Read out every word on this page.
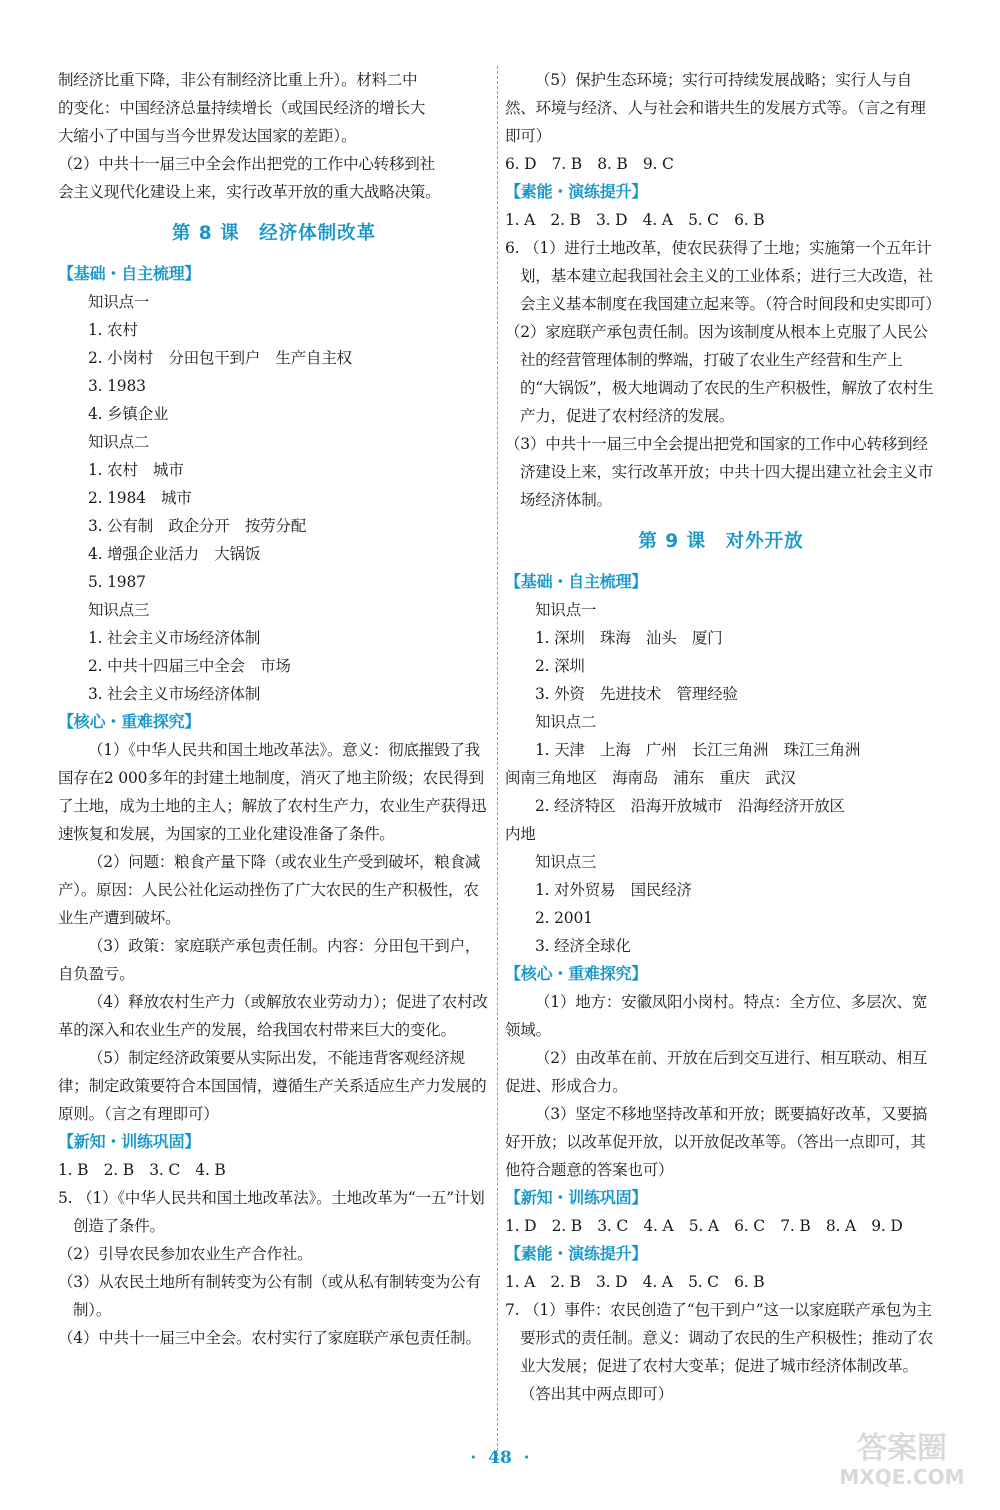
制经济比重下降，非公有制经济比重上升）。材料二中

的变化：中国经济总量持续增长（或国民经济的增长大

大缩小了中国与当今世界发达国家的差距）。

（2）中共十一届三中全会作出把党的工作中心转移到社

会主义现代化建设上来，实行改革开放的重大战略决策。

第 8 课　经济体制改革

【基础・自主梳理】

知识点一

1. 农村

2. 小岗村　分田包干到户　生产自主权

3. 1983

4. 乡镇企业

知识点二

1. 农村　城市

2. 1984　城市

3. 公有制　政企分开　按劳分配

4. 增强企业活力　大锅饭

5. 1987

知识点三

1. 社会主义市场经济体制

2. 中共十四届三中全会　市场

3. 社会主义市场经济体制

【核心・重难探究】

（1）《中华人民共和国土地改革法》。意义：彻底摧毁了我国存在2 000多年的封建土地制度，消灭了地主阶级；农民得到了土地，成为土地的主人；解放了农村生产力，农业生产获得迅速恢复和发展，为国家的工业化建设准备了条件。

（2）问题：粮食产量下降（或农业生产受到破坏，粮食减产）。原因：人民公社化运动挫伤了广大农民的生产积极性，农业生产遭到破坏。

（3）政策：家庭联产承包责任制。内容：分田包干到户，自负盈亏。

（4）释放农村生产力（或解放农业劳动力）；促进了农村改革的深入和农业生产的发展，给我国农村带来巨大的变化。

（5）制定经济政策要从实际出发，不能违背客观经济规律；制定政策要符合本国国情，遵循生产关系适应生产力发展的原则。（言之有理即可）

【新知・训练巩固】

1. B　2. B　3. C　4. B

5. （1）《中华人民共和国土地改革法》。土地改革为“一五”计划创造了条件。

（2）引导农民参加农业生产合作社。

（3）从农民土地所有制转变为公有制（或从私有制转变为公有制）。

（4）中共十一届三中全会。农村实行了家庭联产承包责任制。

（5）保护生态环境；实行可持续发展战略；实行人与自然、环境与经济、人与社会和谐共生的发展方式等。（言之有理即可）

6. D　7. B　8. B　9. C

【素能・演练提升】

1. A　2. B　3. D　4. A　5. C　6. B

6. （1）进行土地改革，使农民获得了土地；实施第一个五年计划，基本建立起我国社会主义的工业体系；进行三大改造，社会主义基本制度在我国建立起来等。（符合时间段和史实即可）

（2）家庭联产承包责任制。因为该制度从根本上克服了人民公社的经营管理体制的弊端，打破了农业生产经营和生产上的“大锅饭”，极大地调动了农民的生产积极性，解放了农村生产力，促进了农村经济的发展。

（3）中共十一届三中全会提出把党和国家的工作中心转移到经济建设上来，实行改革开放；中共十四大提出建立社会主义市场经济体制。

第 9 课　对外开放

【基础・自主梳理】

知识点一

1. 深圳　珠海　汕头　厦门

2. 深圳

3. 外资　先进技术　管理经验

知识点二

1. 天津　上海　广州　长江三角洲　珠江三角洲

闽南三角地区　海南岛　浦东　重庆　武汉

2. 经济特区　沿海开放城市　沿海经济开放区

内地

知识点三

1. 对外贸易　国民经济

2. 2001

3. 经济全球化

【核心・重难探究】

（1）地方：安徽凤阳小岗村。特点：全方位、多层次、宽领域。

（2）由改革在前、开放在后到交互进行、相互联动、相互促进、形成合力。

（3）坚定不移地坚持改革和开放；既要搞好改革，又要搞好开放；以改革促开放，以开放促改革等。（答出一点即可，其他符合题意的答案也可）

【新知・训练巩固】

1. D　2. B　3. C　4. A　5. A　6. C　7. B　8. A　9. D

【素能・演练提升】

1. A　2. B　3. D　4. A　5. C　6. B

7. （1）事件：农民创造了“包干到户”这一以家庭联产承包为主要形式的责任制。意义：调动了农民的生产积极性；推动了农业大发展；促进了农村大变革；促进了城市经济体制改革。（答出其中两点即可）

·  48  ·	答案圈
MXQE.COM
